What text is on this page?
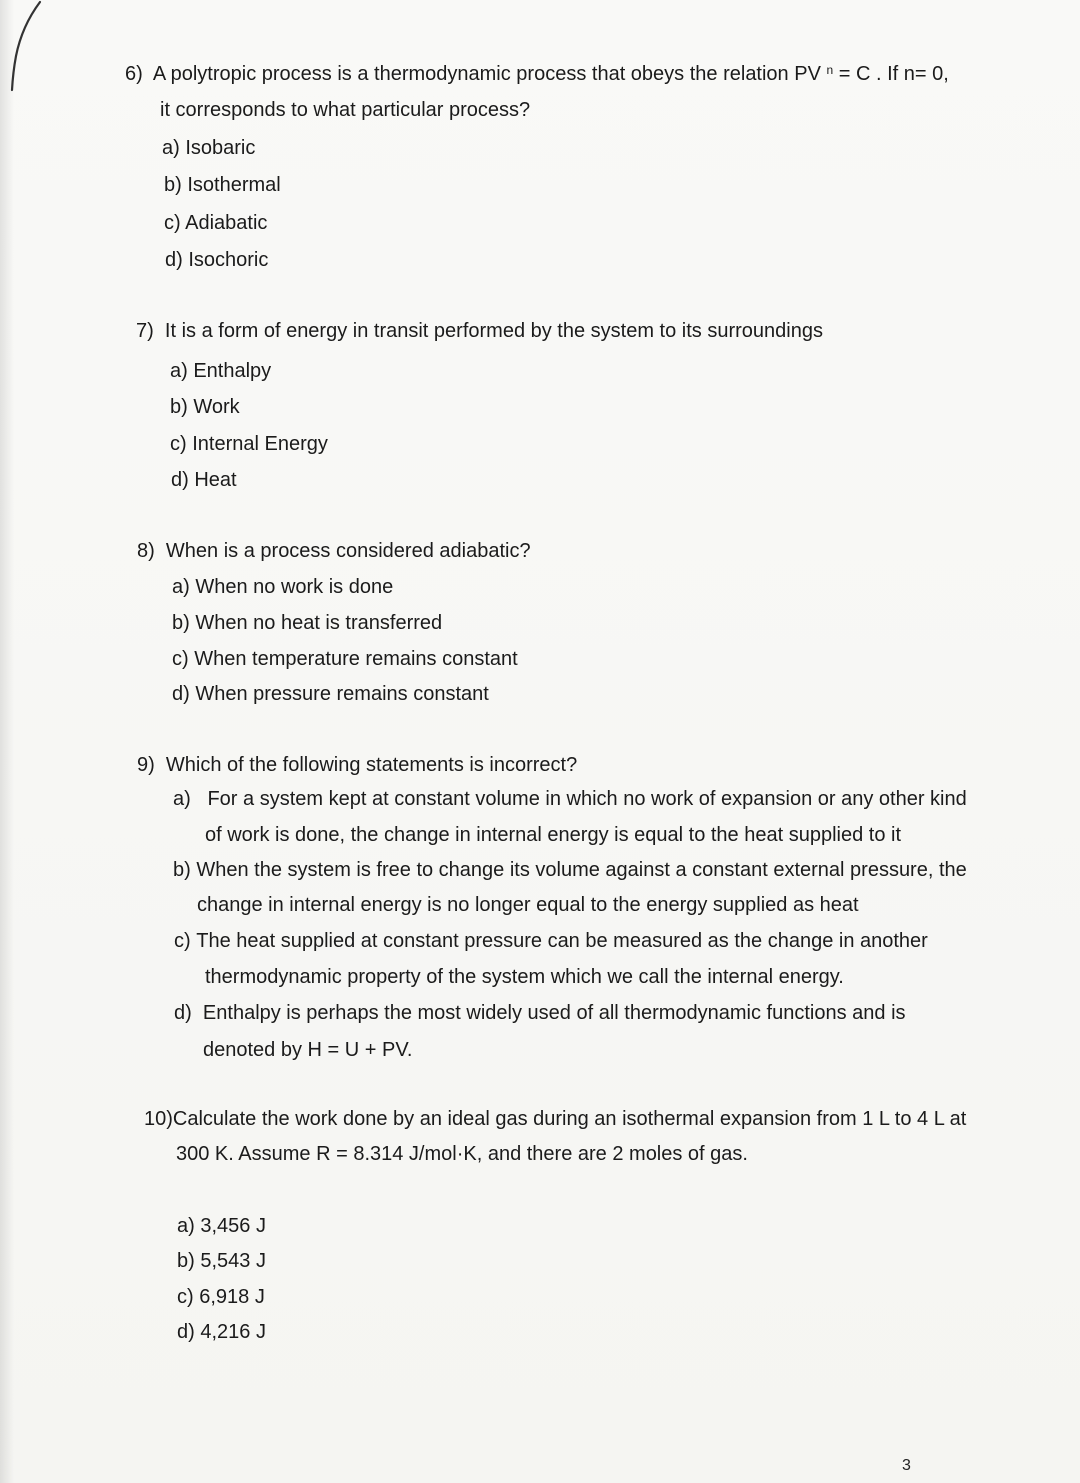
6) A polytropic process is a thermodynamic process that obeys the relation PV $^n$ = C . If n= 0,
it corresponds to what particular process?
a) Isobaric
b) Isothermal
c) Adiabatic
d) Isochoric
7) It is a form of energy in transit performed by the system to its surroundings
a) Enthalpy
b) Work
c) Internal Energy
d) Heat
8) When is a process considered adiabatic?
a) When no work is done
b) When no heat is transferred
c) When temperature remains constant
d) When pressure remains constant
9) Which of the following statements is incorrect?
a) For a system kept at constant volume in which no work of expansion or any other kind
of work is done, the change in internal energy is equal to the heat supplied to it
b) When the system is free to change its volume against a constant external pressure, the
change in internal energy is no longer equal to the energy supplied as heat
c) The heat supplied at constant pressure can be measured as the change in another
thermodynamic property of the system which we call the internal energy.
d) Enthalpy is perhaps the most widely used of all thermodynamic functions and is
denoted by H = U + PV.
10)Calculate the work done by an ideal gas during an isothermal expansion from 1 L to 4 L at
300 K. Assume R = 8.314 J/mol·K, and there are 2 moles of gas.
a) 3,456 J
b) 5,543 J
c) 6,918 J
d) 4,216 J
3
